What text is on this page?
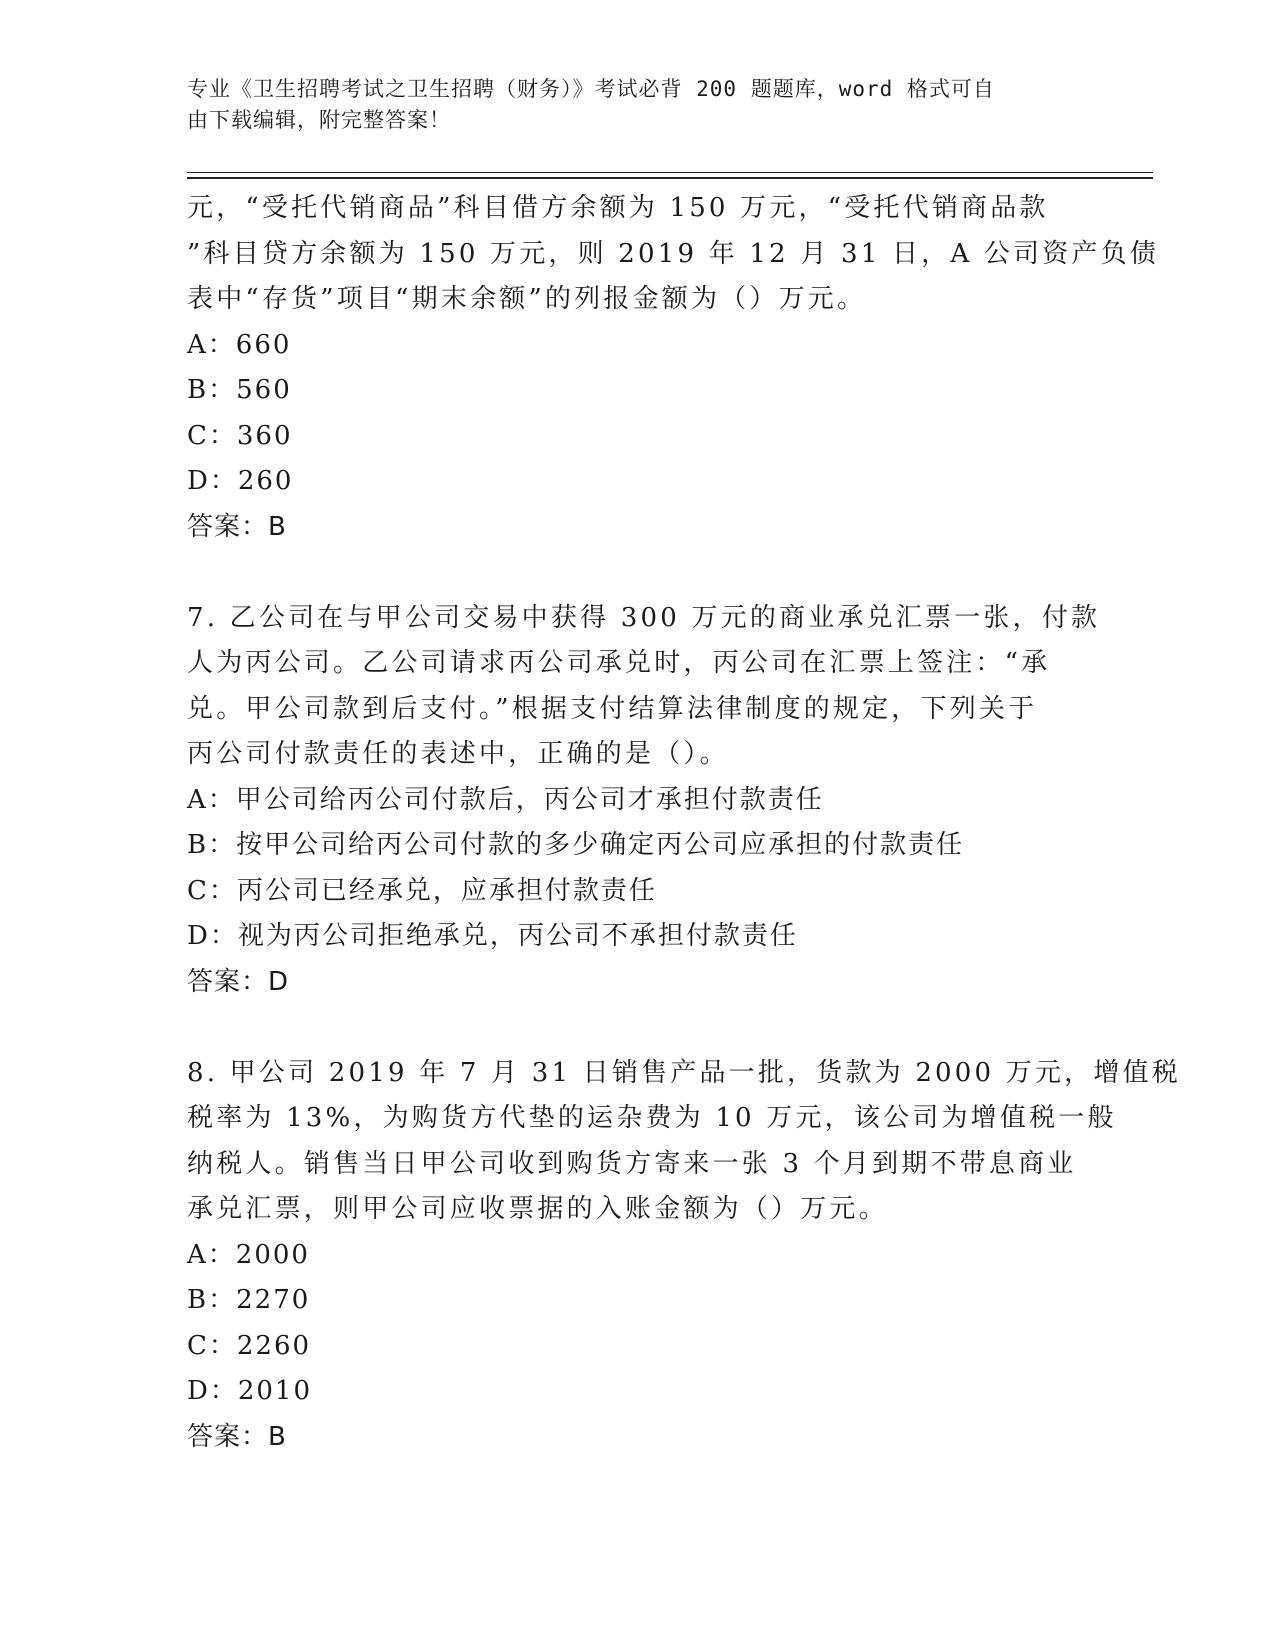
专业《卫生招聘考试之卫生招聘（财务）》考试必背 200 题题库，word 格式可自
由下载编辑，附完整答案！
元，“受托代销商品”科目借方余额为 150 万元，“受托代销商品款
”科目贷方余额为 150 万元，则 2019 年 12 月 31 日，A 公司资产负债
表中“存货”项目“期末余额”的列报金额为（）万元。
A：660
B：560
C：360
D：260
答案：B
7. 乙公司在与甲公司交易中获得 300 万元的商业承兑汇票一张，付款
人为丙公司。乙公司请求丙公司承兑时，丙公司在汇票上签注：“承
兑。甲公司款到后支付。”根据支付结算法律制度的规定，下列关于
丙公司付款责任的表述中，正确的是（）。
A：甲公司给丙公司付款后，丙公司才承担付款责任
B：按甲公司给丙公司付款的多少确定丙公司应承担的付款责任
C：丙公司已经承兑，应承担付款责任
D：视为丙公司拒绝承兑，丙公司不承担付款责任
答案：D
8. 甲公司 2019 年 7 月 31 日销售产品一批，货款为 2000 万元，增值税
税率为 13%，为购货方代垫的运杂费为 10 万元，该公司为增值税一般
纳税人。销售当日甲公司收到购货方寄来一张 3 个月到期不带息商业
承兑汇票，则甲公司应收票据的入账金额为（）万元。
A：2000
B：2270
C：2260
D：2010
答案：B
